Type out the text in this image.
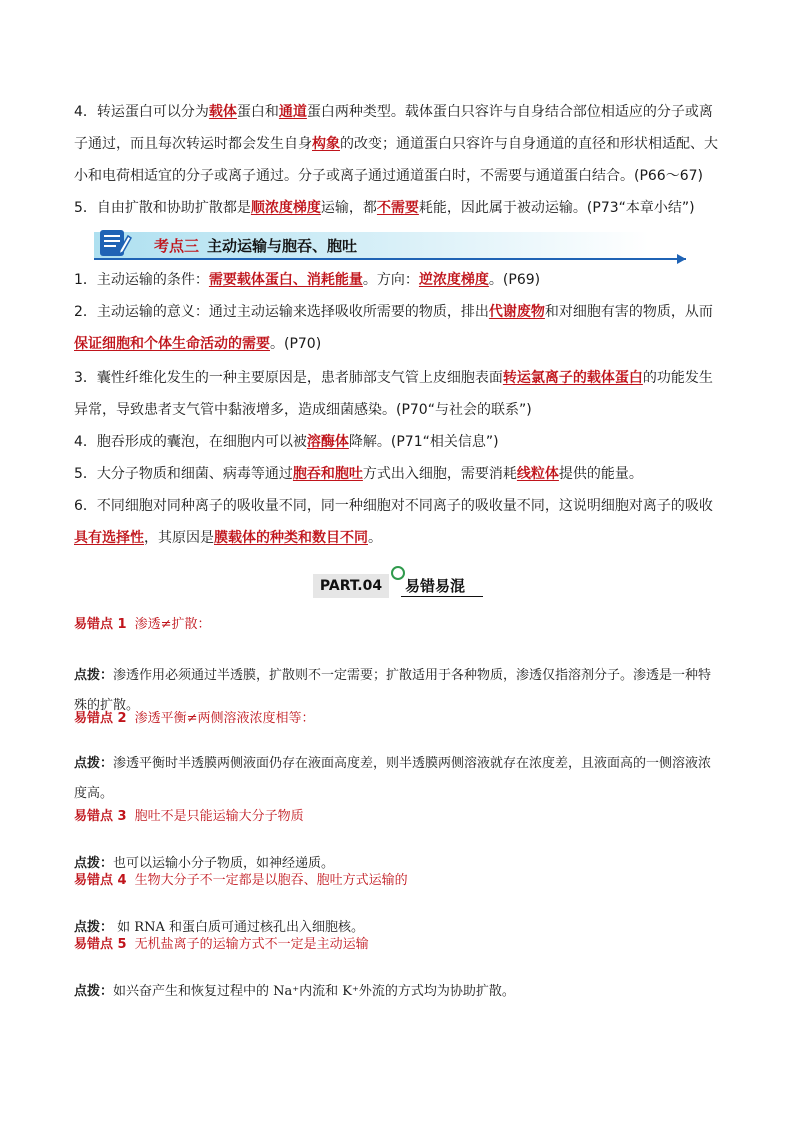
4．转运蛋白可以分为载体蛋白和通道蛋白两种类型。载体蛋白只容许与自身结合部位相适应的分子或离子通过，而且每次转运时都会发生自身构象的改变；通道蛋白只容许与自身通道的直径和形状相适配、大小和电荷相适宜的分子或离子通过。分子或离子通过通道蛋白时，不需要与通道蛋白结合。(P66～67)

5．自由扩散和协助扩散都是顺浓度梯度运输，都不需要耗能，因此属于被动运输。(P73“本章小结”)

考点三 主动运输与胞吞、胞吐

1．主动运输的条件：需要载体蛋白、消耗能量。方向：逆浓度梯度。(P69)

2．主动运输的意义：通过主动运输来选择吸收所需要的物质，排出代谢废物和对细胞有害的物质，从而保证细胞和个体生命活动的需要。(P70)

3．囊性纤维化发生的一种主要原因是，患者肺部支气管上皮细胞表面转运氯离子的载体蛋白的功能发生异常，导致患者支气管中黏液增多，造成细菌感染。(P70“与社会的联系”)

4．胞吞形成的囊泡，在细胞内可以被溶酶体降解。(P71“相关信息”)

5．大分子物质和细菌、病毒等通过胞吞和胞吐方式出入细胞，需要消耗线粒体提供的能量。

6．不同细胞对同种离子的吸收量不同，同一种细胞对不同离子的吸收量不同，这说明细胞对离子的吸收具有选择性，其原因是膜载体的种类和数目不同。

PART.04	易错易混
易错点 1 渗透≠扩散：

点拨：渗透作用必须通过半透膜，扩散则不一定需要；扩散适用于各种物质，渗透仅指溶剂分子。渗透是一种特殊的扩散。

易错点 2 渗透平衡≠两侧溶液浓度相等：

点拨：渗透平衡时半透膜两侧液面仍存在液面高度差，则半透膜两侧溶液就存在浓度差，且液面高的一侧溶液浓度高。

易错点 3 胞吐不是只能运输大分子物质

点拨：也可以运输小分子物质，如神经递质。

易错点 4 生物大分子不一定都是以胞吞、胞吐方式运输的

点拨： 如 RNA 和蛋白质可通过核孔出入细胞核。

易错点 5 无机盐离子的运输方式不一定是主动运输

点拨：如兴奋产生和恢复过程中的 Na⁺内流和 K⁺外流的方式均为协助扩散。
